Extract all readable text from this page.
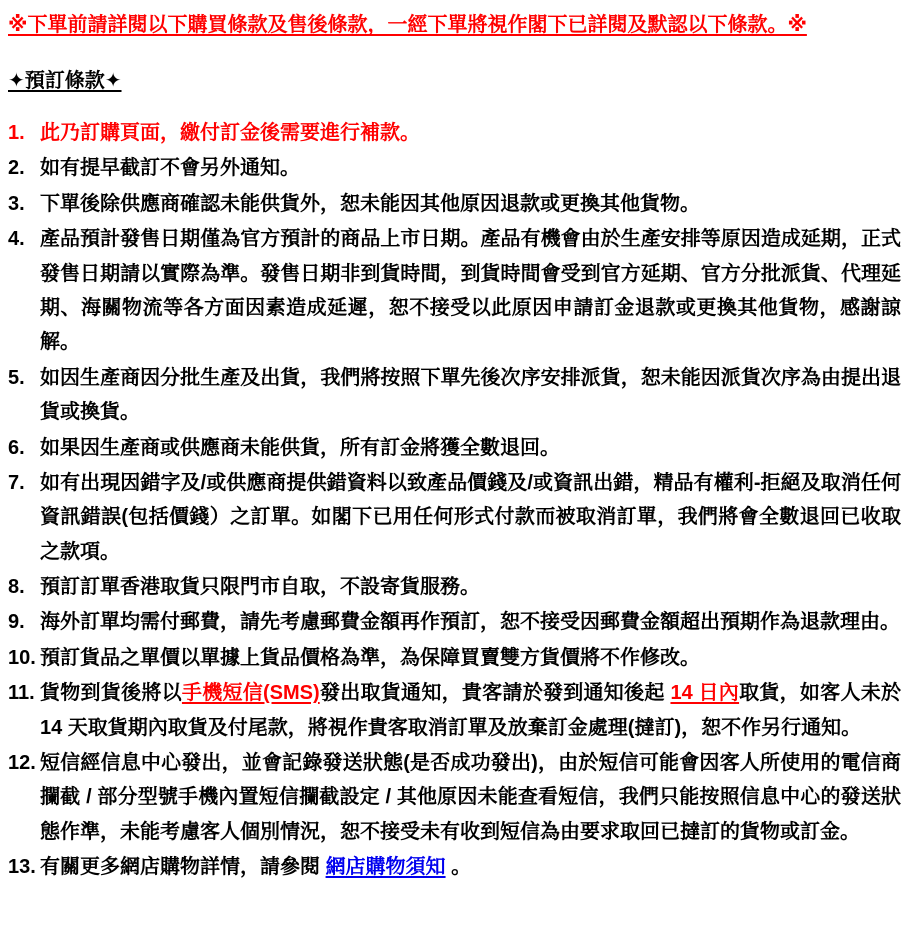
※下單前請詳閱以下購買條款及售後條款，一經下單將視作閣下已詳閱及默認以下條款。※
✦預訂條款✦
1. 此乃訂購頁面，繳付訂金後需要進行補款。
2. 如有提早截訂不會另外通知。
3. 下單後除供應商確認未能供貨外，恕未能因其他原因退款或更換其他貨物。
4. 產品預計發售日期僅為官方預計的商品上市日期。產品有機會由於生產安排等原因造成延期，正式發售日期請以實際為準。發售日期非到貨時間，到貨時間會受到官方延期、官方分批派貨、代理延期、海關物流等各方面因素造成延遲，恕不接受以此原因申請訂金退款或更換其他貨物，感謝諒解。
5. 如因生產商因分批生產及出貨，我們將按照下單先後次序安排派貨，恕未能因派貨次序為由提出退貨或換貨。
6. 如果因生產商或供應商未能供貨，所有訂金將獲全數退回。
7. 如有出現因錯字及/或供應商提供錯資料以致產品價錢及/或資訊出錯，精品有權利-拒絕及取消任何資訊錯誤(包括價錢）之訂單。如閣下已用任何形式付款而被取消訂單，我們將會全數退回已收取之款項。
8. 預訂訂單香港取貨只限門市自取，不設寄貨服務。
9. 海外訂單均需付郵費，請先考慮郵費金額再作預訂，恕不接受因郵費金額超出預期作為退款理由。
10. 預訂貨品之單價以單據上貨品價格為準，為保障買賣雙方貨價將不作修改。
11. 貨物到貨後將以手機短信(SMS)發出取貨通知，貴客請於發到通知後起 14 日內取貨，如客人未於 14 天取貨期內取貨及付尾款，將視作貴客取消訂單及放棄訂金處理(撻訂)，恕不作另行通知。
12. 短信經信息中心發出，並會記錄發送狀態(是否成功發出)，由於短信可能會因客人所使用的電信商攔截 / 部分型號手機內置短信攔截設定 / 其他原因未能查看短信，我們只能按照信息中心的發送狀態作準，未能考慮客人個別情況，恕不接受未有收到短信為由要求取回已撻訂的貨物或訂金。
13. 有關更多網店購物詳情，請參閱 網店購物須知 。
